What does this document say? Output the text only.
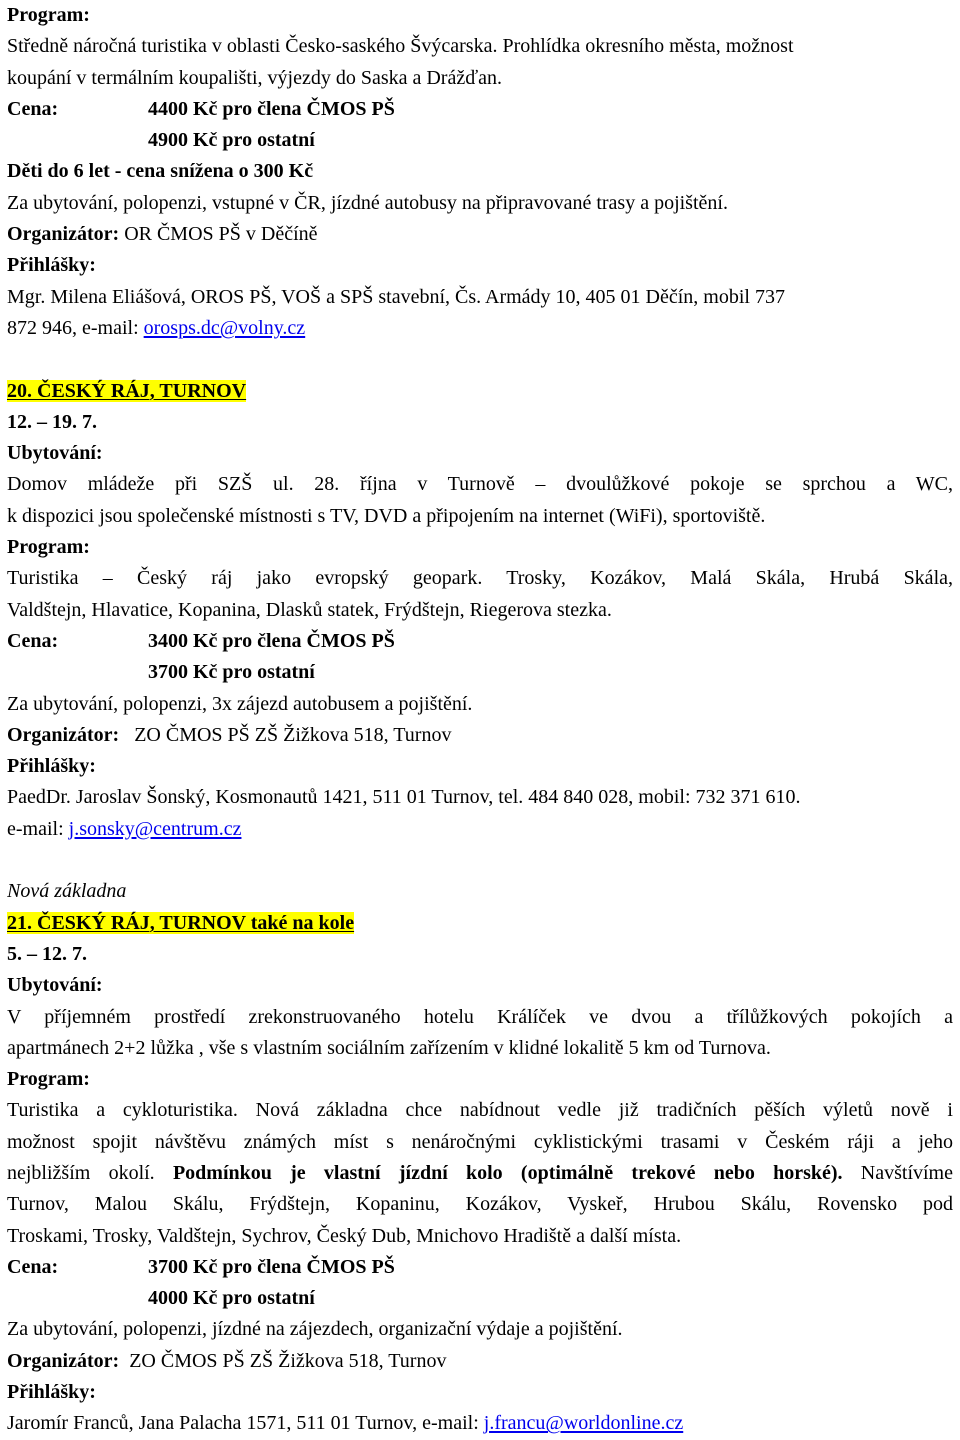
Program:
Středně náročná turistika v oblasti Česko-saského Švýcarska. Prohlídka okresního města, možnost
koupání v termálním koupališti, výjezdy do Saska a Drážďan.
Cena:	4400 Kč pro člena ČMOS PŠ
4900 Kč pro ostatní
Děti do 6 let - cena snížena o 300 Kč
Za ubytování, polopenzi, vstupné v ČR, jízdné autobusy na připravované trasy a pojištění.
Organizátor: OR ČMOS PŠ v Děčíně
Přihlášky:
Mgr. Milena Eliášová, OROS PŠ, VOŠ a SPŠ stavební, Čs. Armády 10, 405 01 Děčín, mobil 737
872 946, e-mail: orosps.dc@volny.cz
20. ČESKÝ RÁJ, TURNOV
12. – 19. 7.
Ubytování:
Domov mládeže při SZŠ ul. 28. října v Turnově – dvoulůžkové pokoje se sprchou a WC,
k dispozici jsou společenské místnosti s TV, DVD a připojením na internet (WiFi), sportoviště.
Program:
Turistika – Český ráj jako evropský geopark. Trosky, Kozákov, Malá Skála, Hrubá Skála,
Valdštejn, Hlavatice, Kopanina, Dlasků statek, Frýdštejn, Riegerova stezka.
Cena:	3400 Kč pro člena ČMOS PŠ
3700 Kč pro ostatní
Za ubytování, polopenzi, 3x zájezd autobusem a pojištění.
Organizátor: ZO ČMOS PŠ ZŠ Žižkova 518, Turnov
Přihlášky:
PaedDr. Jaroslav Šonský, Kosmonautů 1421, 511 01 Turnov, tel. 484 840 028, mobil: 732 371 610.
e-mail: j.sonsky@centrum.cz
Nová základna
21. ČESKÝ RÁJ, TURNOV také na kole
5. – 12. 7.
Ubytování:
V příjemném prostředí zrekonstruovaného hotelu Králíček ve dvou a třílůžkových pokojích a
apartmánech 2+2 lůžka , vše s vlastním sociálním zařízením v klidné lokalitě 5 km od Turnova.
Program:
Turistika a cykloturistika. Nová základna chce nabídnout vedle již tradičních pěších výletů nově i
možnost spojit návštěvu známých míst s nenáročnými cyklistickými trasami v Českém ráji a jeho
nejbližším okolí. Podmínkou je vlastní jízdní kolo (optimálně trekové nebo horské). Navštívíme
Turnov, Malou Skálu, Frýdštejn, Kopaninu, Kozákov, Vyskeř, Hrubou Skálu, Rovensko pod
Troskami, Trosky, Valdštejn, Sychrov, Český Dub, Mnichovo Hradiště a další místa.
Cena:	3700 Kč pro člena ČMOS PŠ
4000 Kč pro ostatní
Za ubytování, polopenzi, jízdné na zájezdech, organizační výdaje a pojištění.
Organizátor: ZO ČMOS PŠ ZŠ Žižkova 518, Turnov
Přihlášky:
Jaromír Franců, Jana Palacha 1571, 511 01 Turnov, e-mail: j.francu@worldonline.cz
